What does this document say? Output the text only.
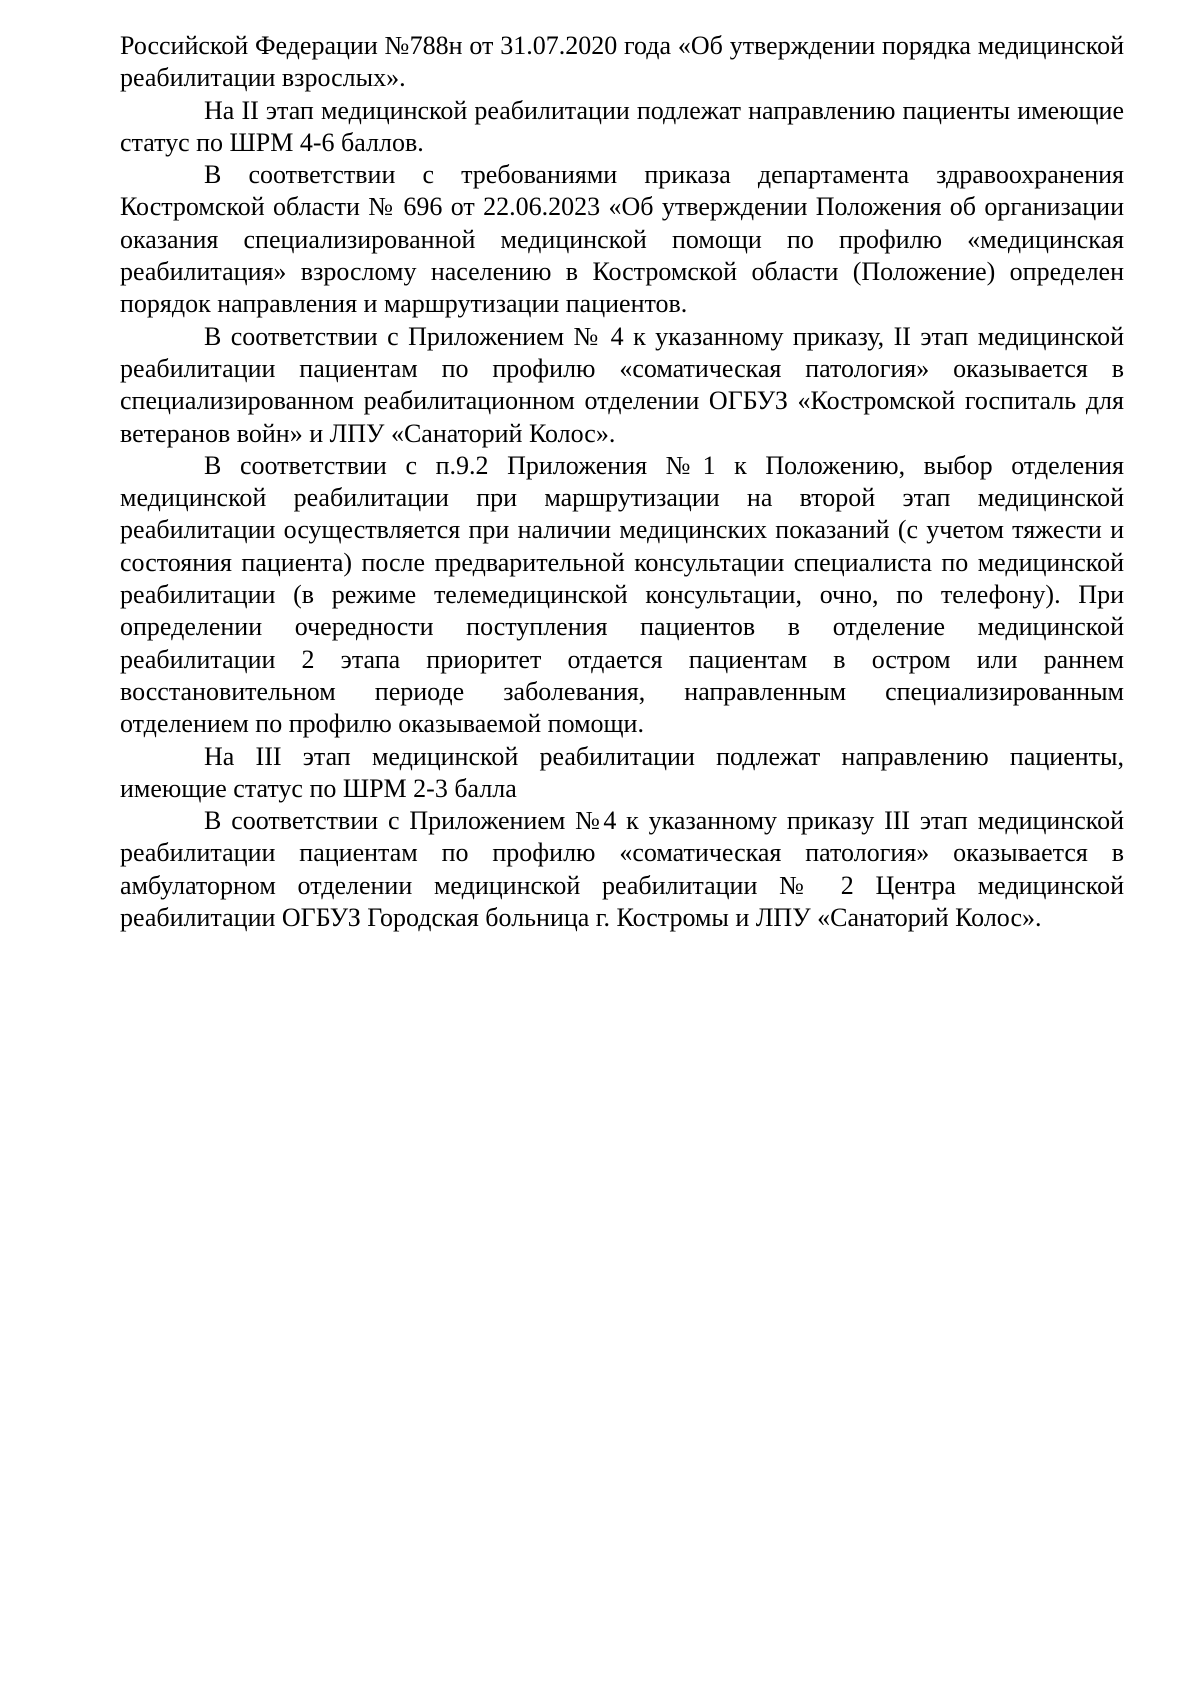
Российской Федерации №788н от 31.07.2020 года «Об утверждении порядка медицинской реабилитации взрослых».

На II этап медицинской реабилитации подлежат направлению пациенты имеющие статус по ШРМ 4-6 баллов.

В соответствии с требованиями приказа департамента здравоохранения Костромской области № 696 от 22.06.2023 «Об утверждении Положения об организации оказания специализированной медицинской помощи по профилю «медицинская реабилитация» взрослому населению в Костромской области (Положение) определен порядок направления и маршрутизации пациентов.

В соответствии с Приложением № 4 к указанному приказу, II этап медицинской реабилитации пациентам по профилю «соматическая патология» оказывается в специализированном реабилитационном отделении ОГБУЗ «Костромской госпиталь для ветеранов войн» и ЛПУ «Санаторий Колос».

В соответствии с п.9.2 Приложения №1 к Положению, выбор отделения медицинской реабилитации при маршрутизации на второй этап медицинской реабилитации осуществляется при наличии медицинских показаний (с учетом тяжести и состояния пациента) после предварительной консультации специалиста по медицинской реабилитации (в режиме телемедицинской консультации, очно, по телефону). При определении очередности поступления пациентов в отделение медицинской реабилитации 2 этапа приоритет отдается пациентам в остром или раннем восстановительном периоде заболевания, направленным специализированным отделением по профилю оказываемой помощи.

На III этап медицинской реабилитации подлежат направлению пациенты, имеющие статус по ШРМ 2-3 балла

В соответствии с Приложением №4 к указанному приказу III этап медицинской реабилитации пациентам по профилю «соматическая патология» оказывается в амбулаторном отделении медицинской реабилитации № 2 Центра медицинской реабилитации ОГБУЗ Городская больница г. Костромы и ЛПУ «Санаторий Колос».
